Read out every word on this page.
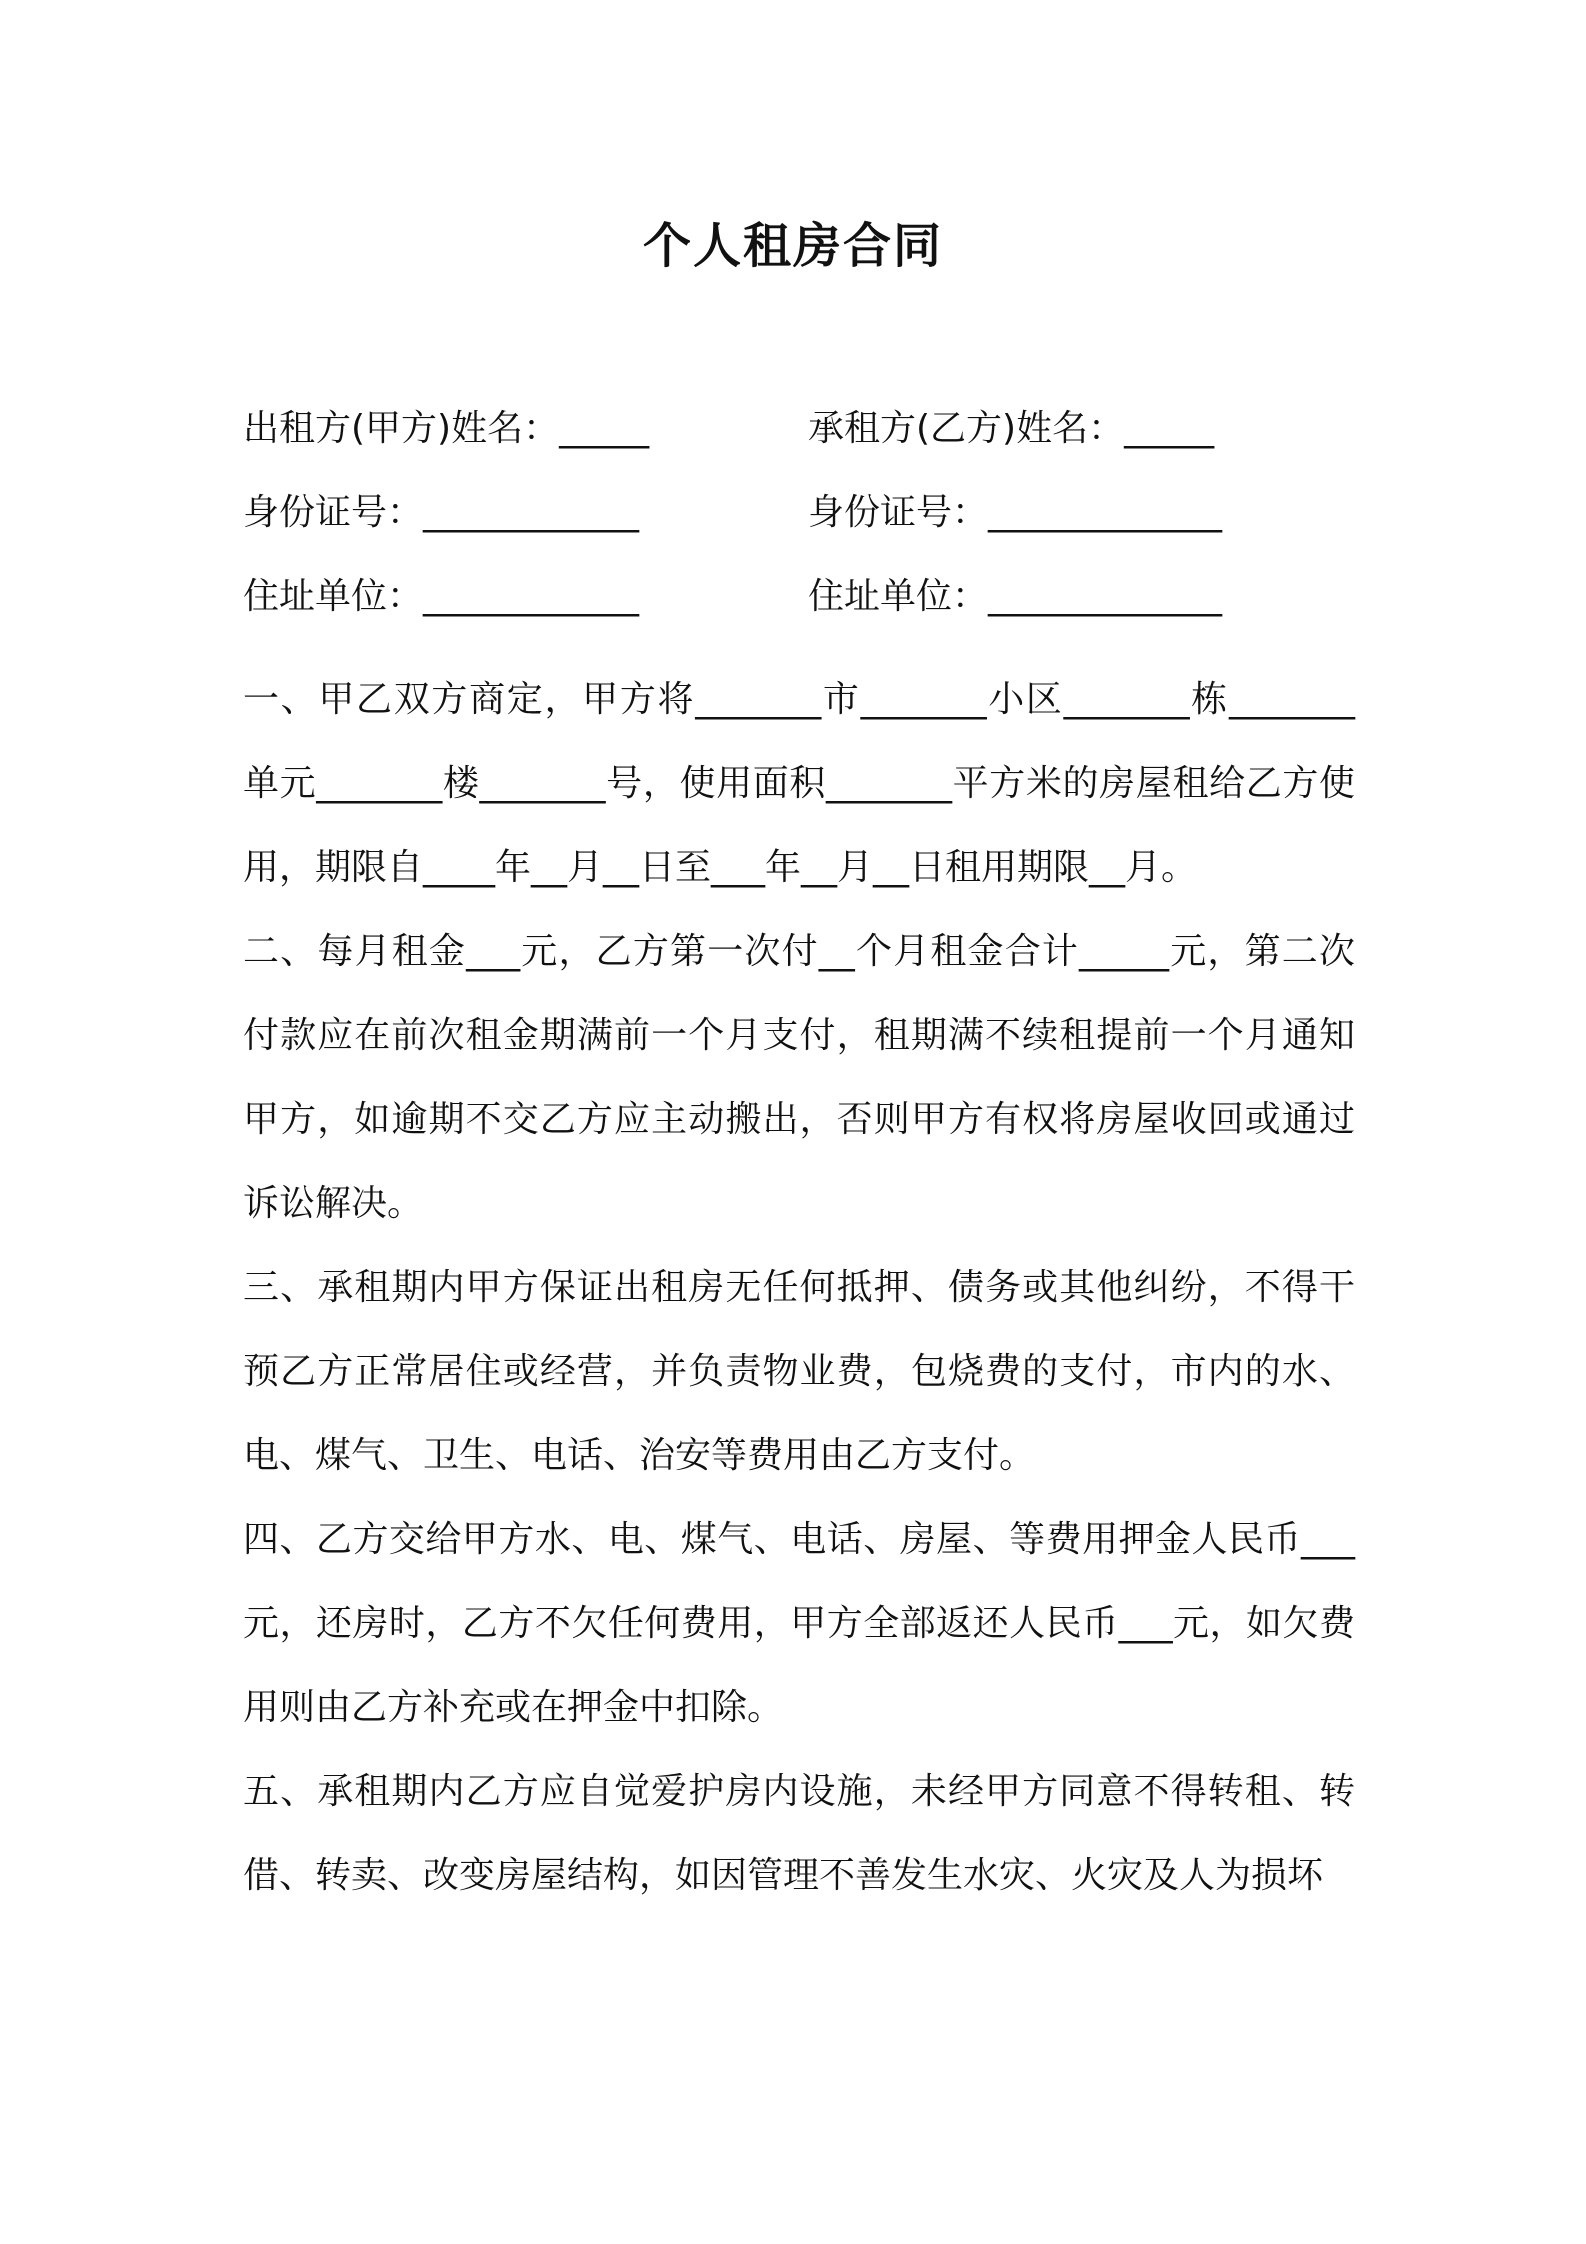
个人租房合同
出租方(甲方)姓名：_____	承租方(乙方)姓名：_____
身份证号：____________	身份证号：_____________
住址单位：____________	住址单位：_____________

一、甲乙双方商定，甲方将_______市_______小区_______栋_______单元_______楼_______号，使用面积_______平方米的房屋租给乙方使用，期限自____年__月__日至___年__月__日租用期限__月。

二、每月租金___元，乙方第一次付__个月租金合计_____元，第二次付款应在前次租金期满前一个月支付，租期满不续租提前一个月通知甲方，如逾期不交乙方应主动搬出，否则甲方有权将房屋收回或通过诉讼解决。

三、承租期内甲方保证出租房无任何抵押、债务或其他纠纷，不得干预乙方正常居住或经营，并负责物业费，包烧费的支付，市内的水、电、煤气、卫生、电话、治安等费用由乙方支付。

四、乙方交给甲方水、电、煤气、电话、房屋、等费用押金人民币___元，还房时，乙方不欠任何费用，甲方全部返还人民币___元，如欠费用则由乙方补充或在押金中扣除。

五、承租期内乙方应自觉爱护房内设施，未经甲方同意不得转租、转借、转卖、改变房屋结构，如因管理不善发生水灾、火灾及人为损坏
